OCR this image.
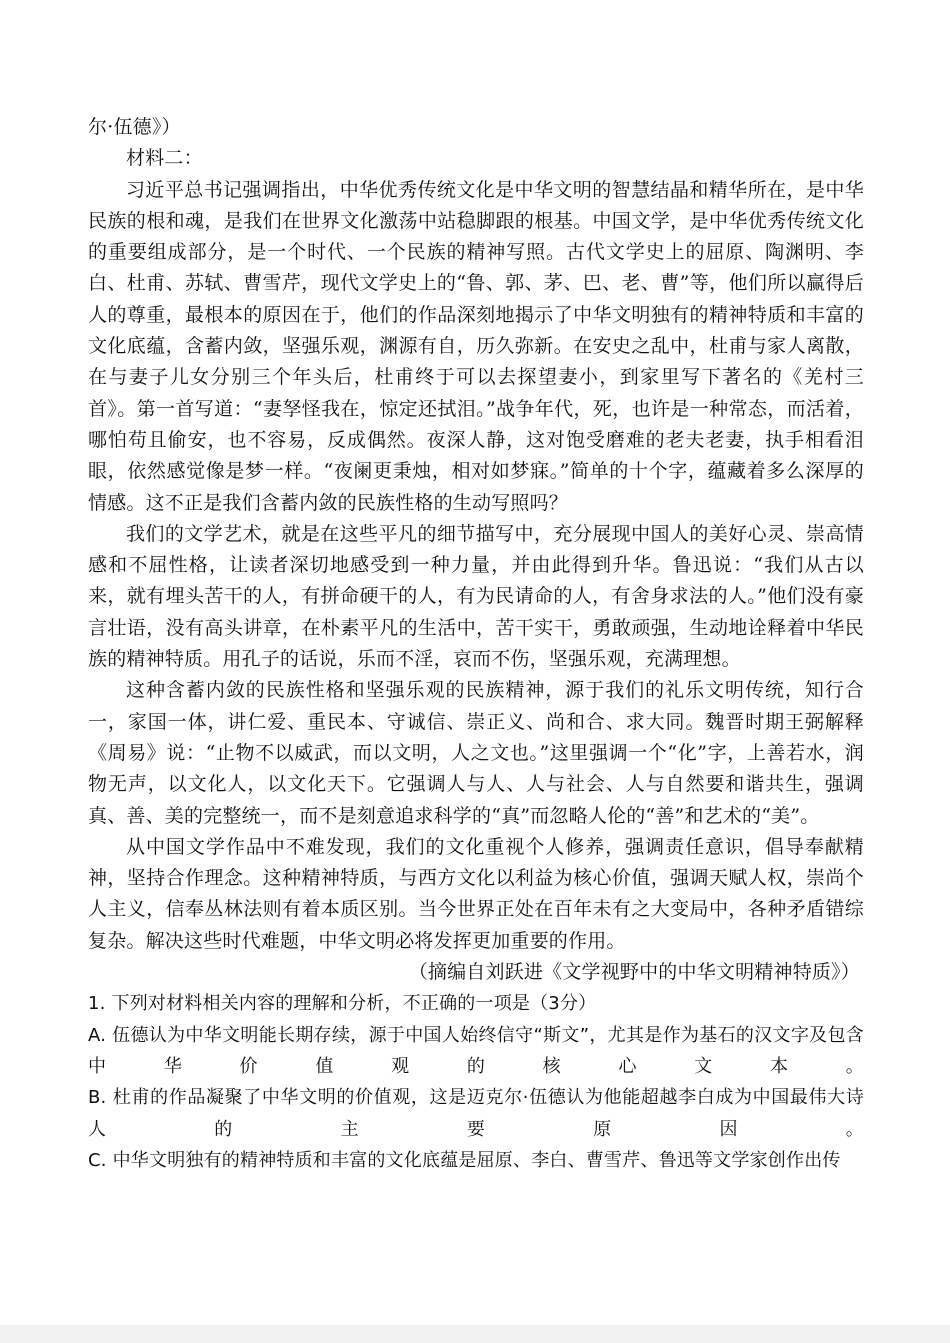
尔·伍德》）
材料二：
习近平总书记强调指出，中华优秀传统文化是中华文明的智慧结晶和精华所在，是中华民族的根和魂，是我们在世界文化激荡中站稳脚跟的根基。中国文学，是中华优秀传统文化的重要组成部分，是一个时代、一个民族的精神写照。古代文学史上的屈原、陶渊明、李白、杜甫、苏轼、曹雪芹，现代文学史上的“鲁、郭、茅、巴、老、曹”等，他们所以赢得后人的尊重，最根本的原因在于，他们的作品深刻地揭示了中华文明独有的精神特质和丰富的文化底蕴，含蓄内敛，坚强乐观，渊源有自，历久弥新。在安史之乱中，杜甫与家人离散，在与妻子儿女分别三个年头后，杜甫终于可以去探望妻小，到家里写下著名的《羌村三首》。第一首写道：“妻孥怪我在，惊定还拭泪。”战争年代，死，也许是一种常态，而活着，哪怕苟且偷安，也不容易，反成偶然。夜深人静，这对饱受磨难的老夫老妻，执手相看泪眼，依然感觉像是梦一样。“夜阑更秉烛，相对如梦寐。”简单的十个字，蕴藏着多么深厚的情感。这不正是我们含蓄内敛的民族性格的生动写照吗？
我们的文学艺术，就是在这些平凡的细节描写中，充分展现中国人的美好心灵、崇高情感和不屈性格，让读者深切地感受到一种力量，并由此得到升华。鲁迅说：“我们从古以来，就有埋头苦干的人，有拼命硬干的人，有为民请命的人，有舍身求法的人。”他们没有豪言壮语，没有高头讲章，在朴素平凡的生活中，苦干实干，勇敢顽强，生动地诠释着中华民族的精神特质。用孔子的话说，乐而不淫，哀而不伤，坚强乐观，充满理想。
这种含蓄内敛的民族性格和坚强乐观的民族精神，源于我们的礼乐文明传统，知行合一，家国一体，讲仁爱、重民本、守诚信、崇正义、尚和合、求大同。魏晋时期王弼解释《周易》说：“止物不以威武，而以文明，人之文也。”这里强调一个“化”字，上善若水，润物无声，以文化人，以文化天下。它强调人与人、人与社会、人与自然要和谐共生，强调真、善、美的完整统一，而不是刻意追求科学的“真”而忽略人伦的“善”和艺术的“美”。
从中国文学作品中不难发现，我们的文化重视个人修养，强调责任意识，倡导奉献精神，坚持合作理念。这种精神特质，与西方文化以利益为核心价值，强调天赋人权，崇尚个人主义，信奉丛林法则有着本质区别。当今世界正处在百年未有之大变局中，各种矛盾错综复杂。解决这些时代难题，中华文明必将发挥更加重要的作用。
（摘编自刘跃进《文学视野中的中华文明精神特质》）
1. 下列对材料相关内容的理解和分析，不正确的一项是（3分）
A. 伍德认为中华文明能长期存续，源于中国人始终信守“斯文”，尤其是作为基石的汉文字及包含中华价值观的核心文本。
B. 杜甫的作品凝聚了中华文明的价值观，这是迈克尔·伍德认为他能超越李白成为中国最伟大诗人的主要原因。
C. 中华文明独有的精神特质和丰富的文化底蕴是屈原、李白、曹雪芹、鲁迅等文学家创作出传
